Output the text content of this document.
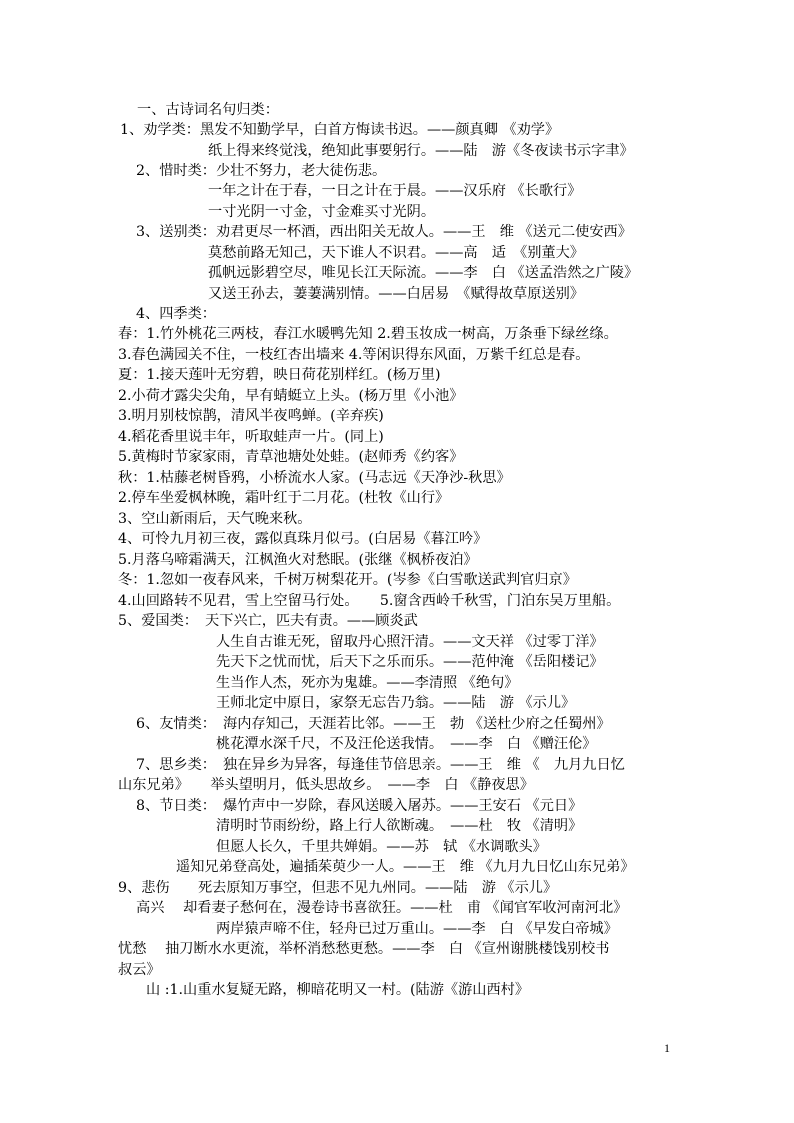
一、古诗词名句归类：
1、劝学类：黑发不知勤学早，白首方悔读书迟。——颜真卿 《劝学》
纸上得来终觉浅，绝知此事要躬行。——陆　游《冬夜读书示字聿》
2、惜时类：少壮不努力，老大徒伤悲。
一年之计在于春，一日之计在于晨。——汉乐府 《长歌行》
一寸光阴一寸金，寸金难买寸光阴。
3、送别类：劝君更尽一杯酒，西出阳关无故人。——王　维 《送元二使安西》
莫愁前路无知己，天下谁人不识君。——高　适　《别董大》
孤帆远影碧空尽，唯见长江天际流。——李　白 《送孟浩然之广陵》
又送王孙去，萋萋满别情。——白居易　《赋得故草原送别》
4、四季类：
春：1.竹外桃花三两枝，春江水暖鸭先知 2.碧玉妆成一树高，万条垂下绿丝绦。
3.春色满园关不住，一枝红杏出墙来 4.等闲识得东风面，万紫千红总是春。
夏：1.接天莲叶无穷碧，映日荷花别样红。(杨万里)
2.小荷才露尖尖角，早有蜻蜓立上头。(杨万里《小池》
3.明月别枝惊鹊，清风半夜鸣蝉。(辛弃疾)
4.稻花香里说丰年，听取蛙声一片。(同上)
5.黄梅时节家家雨，青草池塘处处蛙。(赵师秀《约客》
秋：1.枯藤老树昏鸦，小桥流水人家。(马志远《天净沙-秋思》
2.停车坐爱枫林晚，霜叶红于二月花。(杜牧《山行》
3、空山新雨后，天气晚来秋。
4、可怜九月初三夜，露似真珠月似弓。(白居易《暮江吟》
5.月落乌啼霜满天，江枫渔火对愁眠。(张继《枫桥夜泊》
冬：1.忽如一夜春风来，千树万树梨花开。(岑参《白雪歌送武判官归京》
4.山回路转不见君，雪上空留马行处。　　5.窗含西岭千秋雪，门泊东吴万里船。
5、爱国类：　天下兴亡，匹夫有责。——顾炎武
人生自古谁无死，留取丹心照汗清。——文天祥 《过零丁洋》
先天下之忧而忧，后天下之乐而乐。——范仲淹 《岳阳楼记》
生当作人杰，死亦为鬼雄。——李清照 《绝句》
王师北定中原日，家祭无忘告乃翁。——陆　游 《示儿》
6、友情类：　海内存知己，天涯若比邻。——王　勃 《送杜少府之任蜀州》
桃花潭水深千尺，不及汪伦送我情。　——李　白 《赠汪伦》
7、思乡类：　独在异乡为异客，每逢佳节倍思亲。——王　维 《　九月九日忆
山东兄弟》　　举头望明月，低头思故乡。　——李　白 《静夜思》
8、节日类：　爆竹声中一岁除，春风送暖入屠苏。——王安石 《元日》
清明时节雨纷纷，路上行人欲断魂。　——杜　牧 《清明》
但愿人长久，千里共婵娟。——苏　轼 《水调歌头》
遥知兄弟登高处，遍插茱萸少一人。——王　维 《九月九日忆山东兄弟》
9、悲伤　　死去原知万事空，但悲不见九州同。——陆　游 《示儿》
高兴　 却看妻子愁何在，漫卷诗书喜欲狂。——杜　甫 《闻官军收河南河北》
两岸猿声啼不住，轻舟已过万重山。——李　白 《早发白帝城》
忧愁　 抽刀断水水更流，举杯消愁愁更愁。——李　白 《宣州谢朓楼饯别校书
叔云》
山 :1.山重水复疑无路，柳暗花明又一村。(陆游《游山西村》
1
